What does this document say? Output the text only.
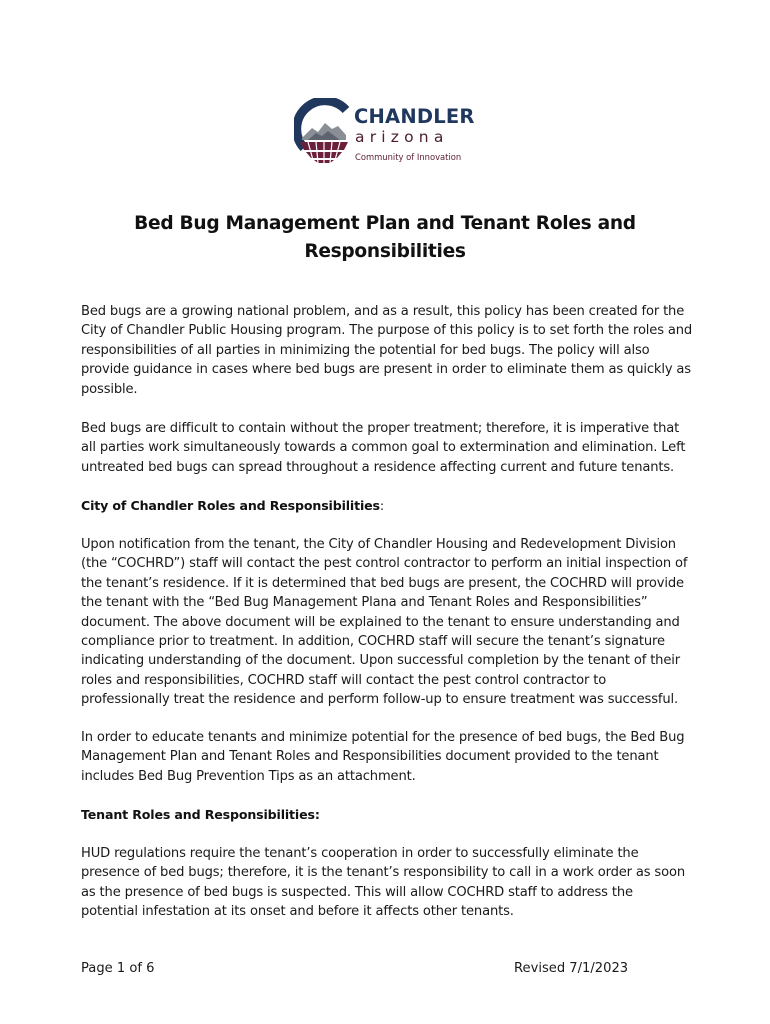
CHANDLER
arizona
Community of Innovation
Bed Bug Management Plan and Tenant Roles and Responsibilities
Bed bugs are a growing national problem, and as a result, this policy has been created for the City of Chandler Public Housing program. The purpose of this policy is to set forth the roles and responsibilities of all parties in minimizing the potential for bed bugs. The policy will also provide guidance in cases where bed bugs are present in order to eliminate them as quickly as possible.
Bed bugs are difficult to contain without the proper treatment; therefore, it is imperative that all parties work simultaneously towards a common goal to extermination and elimination. Left untreated bed bugs can spread throughout a residence affecting current and future tenants.
City of Chandler Roles and Responsibilities:
Upon notification from the tenant, the City of Chandler Housing and Redevelopment Division (the “COCHRD”) staff will contact the pest control contractor to perform an initial inspection of the tenant’s residence. If it is determined that bed bugs are present, the COCHRD will provide the tenant with the “Bed Bug Management Plana and Tenant Roles and Responsibilities” document. The above document will be explained to the tenant to ensure understanding and compliance prior to treatment. In addition, COCHRD staff will secure the tenant’s signature indicating understanding of the document. Upon successful completion by the tenant of their roles and responsibilities, COCHRD staff will contact the pest control contractor to professionally treat the residence and perform follow-up to ensure treatment was successful.
In order to educate tenants and minimize potential for the presence of bed bugs, the Bed Bug Management Plan and Tenant Roles and Responsibilities document provided to the tenant includes Bed Bug Prevention Tips as an attachment.
Tenant Roles and Responsibilities:
HUD regulations require the tenant’s cooperation in order to successfully eliminate the presence of bed bugs; therefore, it is the tenant’s responsibility to call in a work order as soon as the presence of bed bugs is suspected. This will allow COCHRD staff to address the potential infestation at its onset and before it affects other tenants.
Page 1 of 6	Revised 7/1/2023
